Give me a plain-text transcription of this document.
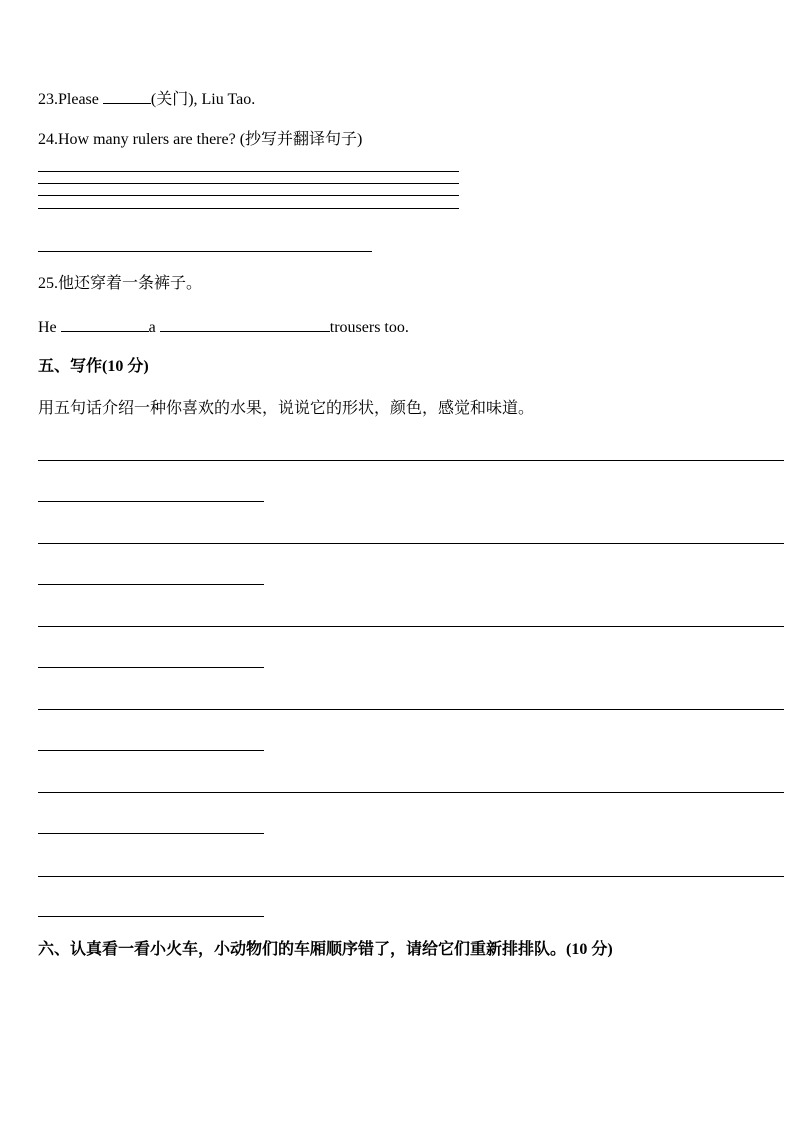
23.Please	(关门), Liu Tao.
24.How many rulers are there? (抄写并翻译句子)
25.他还穿着一条裤子。
He	a	trousers too.
五、写作(10 分)
用五句话介绍一种你喜欢的水果，说说它的形状，颜色，感觉和味道。
六、认真看一看小火车，小动物们的车厢顺序错了，请给它们重新排排队。(10 分)
